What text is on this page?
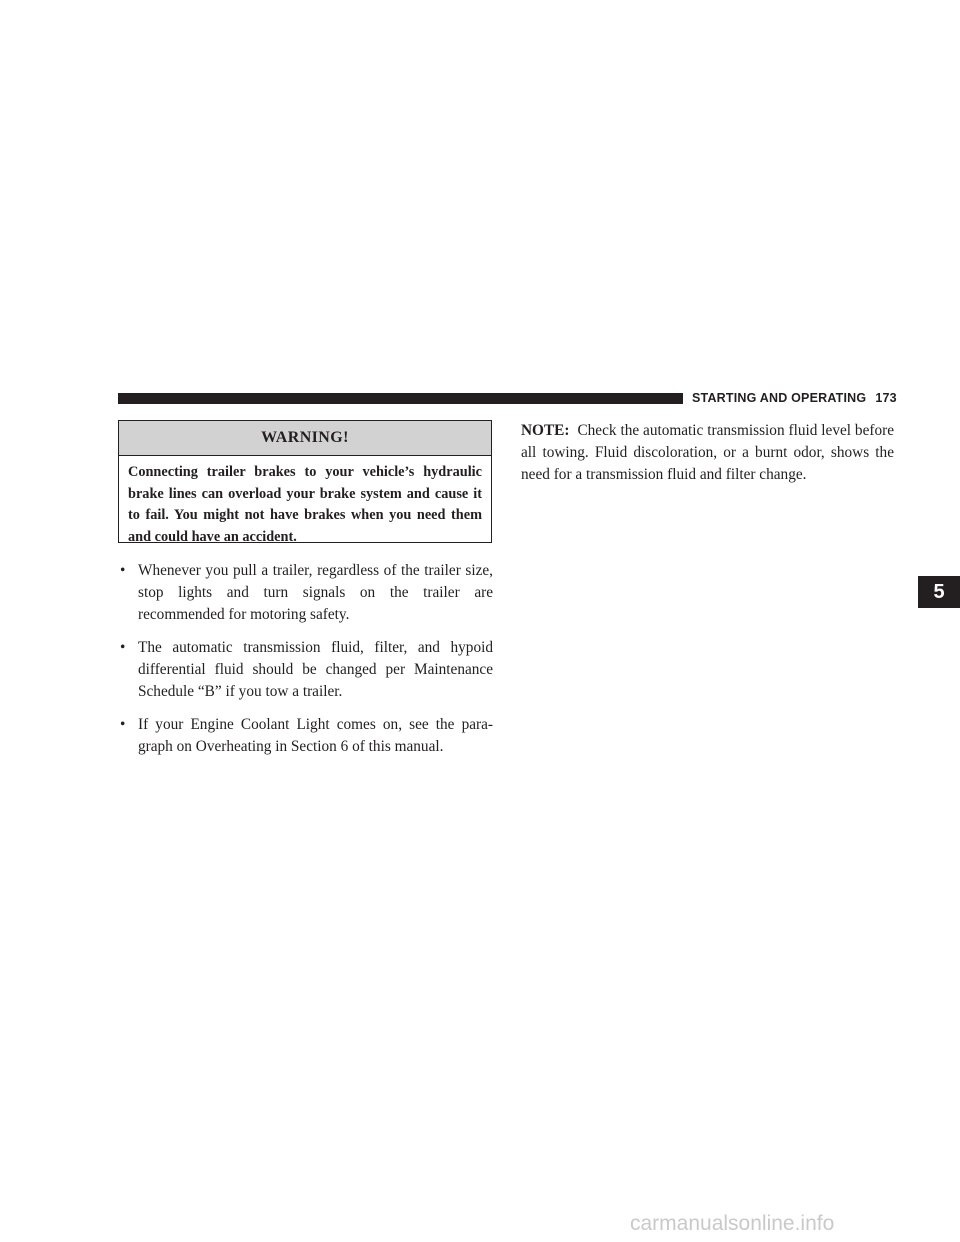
STARTING AND OPERATING 173
WARNING!
Connecting trailer brakes to your vehicle’s hydraulic brake lines can overload your brake system and cause it to fail. You might not have brakes when you need them and could have an accident.
• Whenever you pull a trailer, regardless of the trailer size, stop lights and turn signals on the trailer are recommended for motoring safety.
• The automatic transmission fluid, filter, and hypoid differential fluid should be changed per Maintenance Schedule “B” if you tow a trailer.
• If your Engine Coolant Light comes on, see the para-graph on Overheating in Section 6 of this manual.
NOTE: Check the automatic transmission fluid level before all towing. Fluid discoloration, or a burnt odor, shows the need for a transmission fluid and filter change.
5
carmanualsonline.info
